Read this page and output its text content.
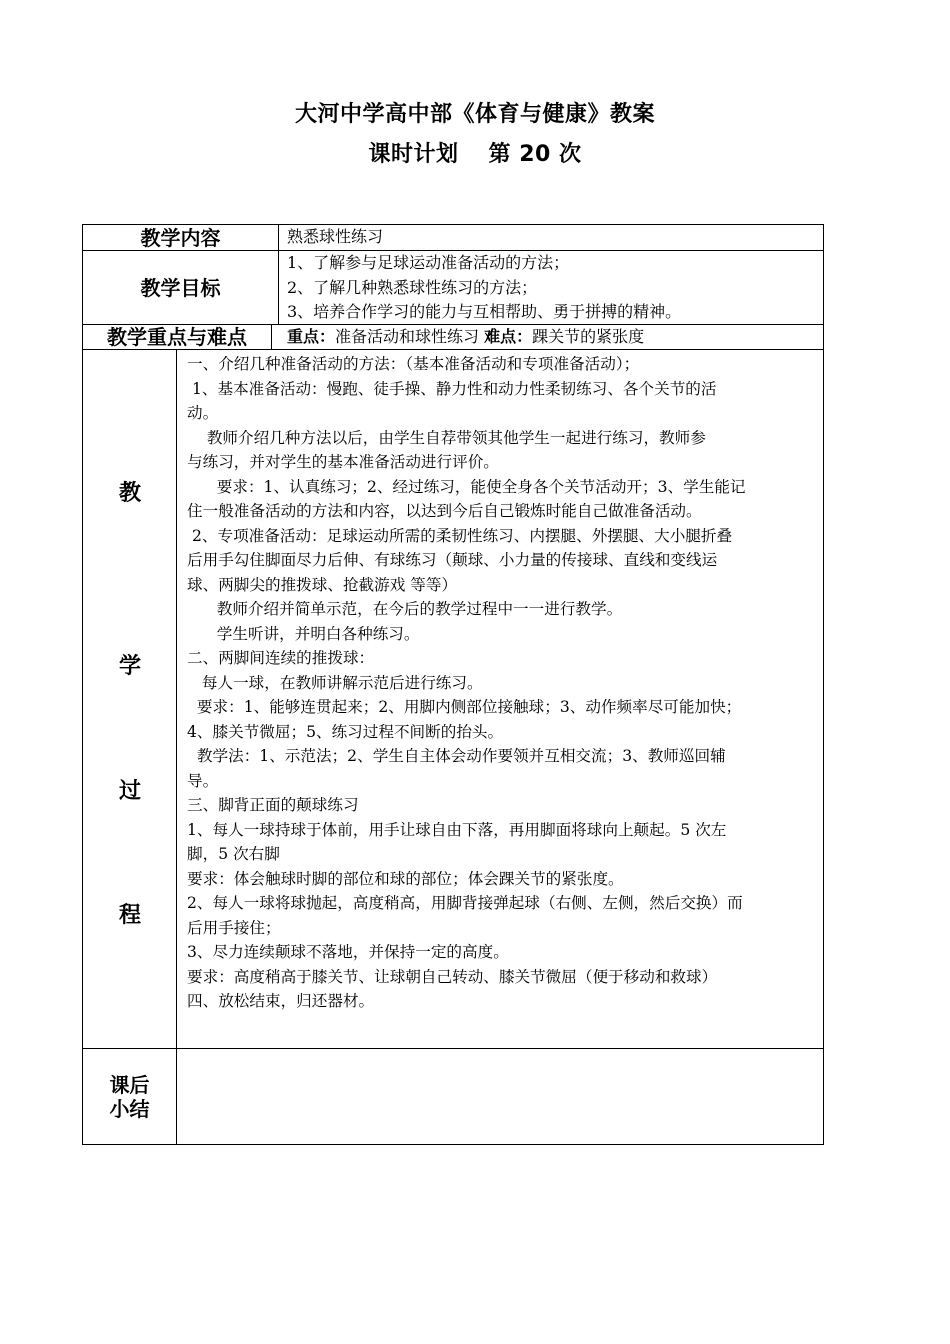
大河中学高中部《体育与健康》教案
课时计划 第 20 次
教学内容	熟悉球性练习
教学目标
1、了解参与足球运动准备活动的方法；
2、了解几种熟悉球性练习的方法；
3、培养合作学习的能力与互相帮助、勇于拼搏的精神。
教学重点与难点	重点：准备活动和球性练习 难点：踝关节的紧张度
教
学
过
程
一、介绍几种准备活动的方法：（基本准备活动和专项准备活动）；
1、基本准备活动：慢跑、徒手操、静力性和动力性柔韧练习、各个关节的活
动。
教师介绍几种方法以后，由学生自荐带领其他学生一起进行练习，教师参
与练习，并对学生的基本准备活动进行评价。
要求：1、认真练习；2、经过练习，能使全身各个关节活动开；3、学生能记
住一般准备活动的方法和内容，以达到今后自己锻炼时能自己做准备活动。
2、专项准备活动：足球运动所需的柔韧性练习、内摆腿、外摆腿、大小腿折叠
后用手勾住脚面尽力后伸、有球练习（颠球、小力量的传接球、直线和变线运
球、两脚尖的推拨球、抢截游戏 等等）
教师介绍并简单示范，在今后的教学过程中一一进行教学。
学生听讲，并明白各种练习。
二、两脚间连续的推拨球：
每人一球，在教师讲解示范后进行练习。
要求：1、能够连贯起来；2、用脚内侧部位接触球；3、动作频率尽可能加快；
4、膝关节微屈；5、练习过程不间断的抬头。
教学法：1、示范法；2、学生自主体会动作要领并互相交流；3、教师巡回辅
导。
三、脚背正面的颠球练习
1、每人一球持球于体前，用手让球自由下落，再用脚面将球向上颠起。5 次左
脚，5 次右脚
要求：体会触球时脚的部位和球的部位；体会踝关节的紧张度。
2、每人一球将球抛起，高度稍高，用脚背接弹起球（右侧、左侧，然后交换）而
后用手接住；
3、尽力连续颠球不落地，并保持一定的高度。
要求：高度稍高于膝关节、让球朝自己转动、膝关节微屈（便于移动和救球）
四、放松结束，归还器材。
课后
小结
